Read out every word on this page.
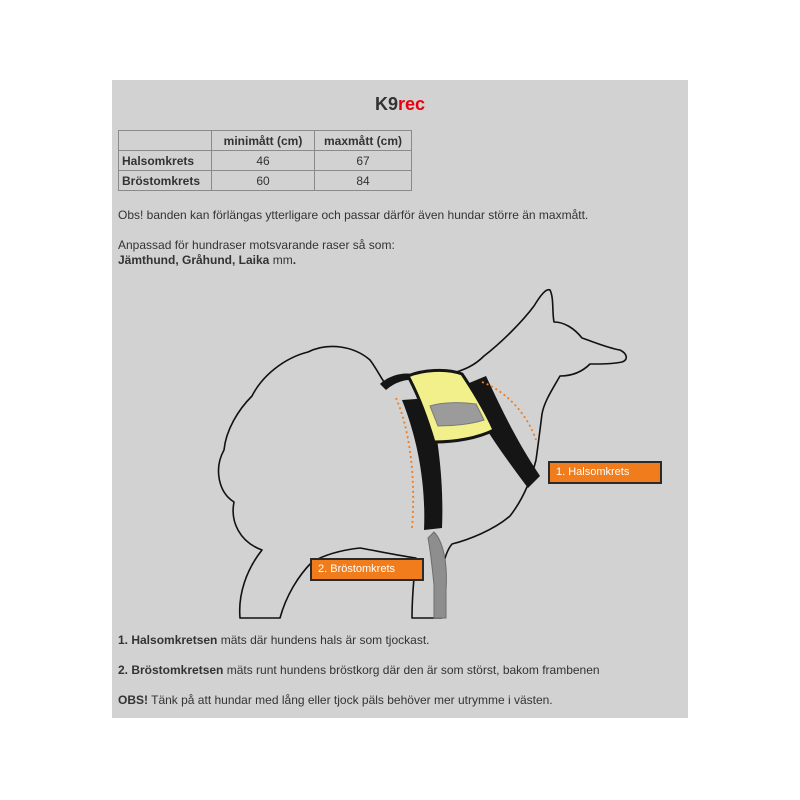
K9rec
	minimått (cm)	maxmått (cm)
Halsomkrets	46	67
Bröstomkrets	60	84
Obs! banden kan förlängas ytterligare och passar därför även hundar större än maxmått.
Anpassad för hundraser motsvarande raser så som:
Jämthund, Gråhund, Laika mm.
1. Halsomkrets
2. Bröstomkrets
1. Halsomkretsen mäts där hundens hals är som tjockast.
2. Bröstomkretsen mäts runt hundens bröstkorg där den är som störst, bakom frambenen
OBS! Tänk på att hundar med lång eller tjock päls behöver mer utrymme i västen.
